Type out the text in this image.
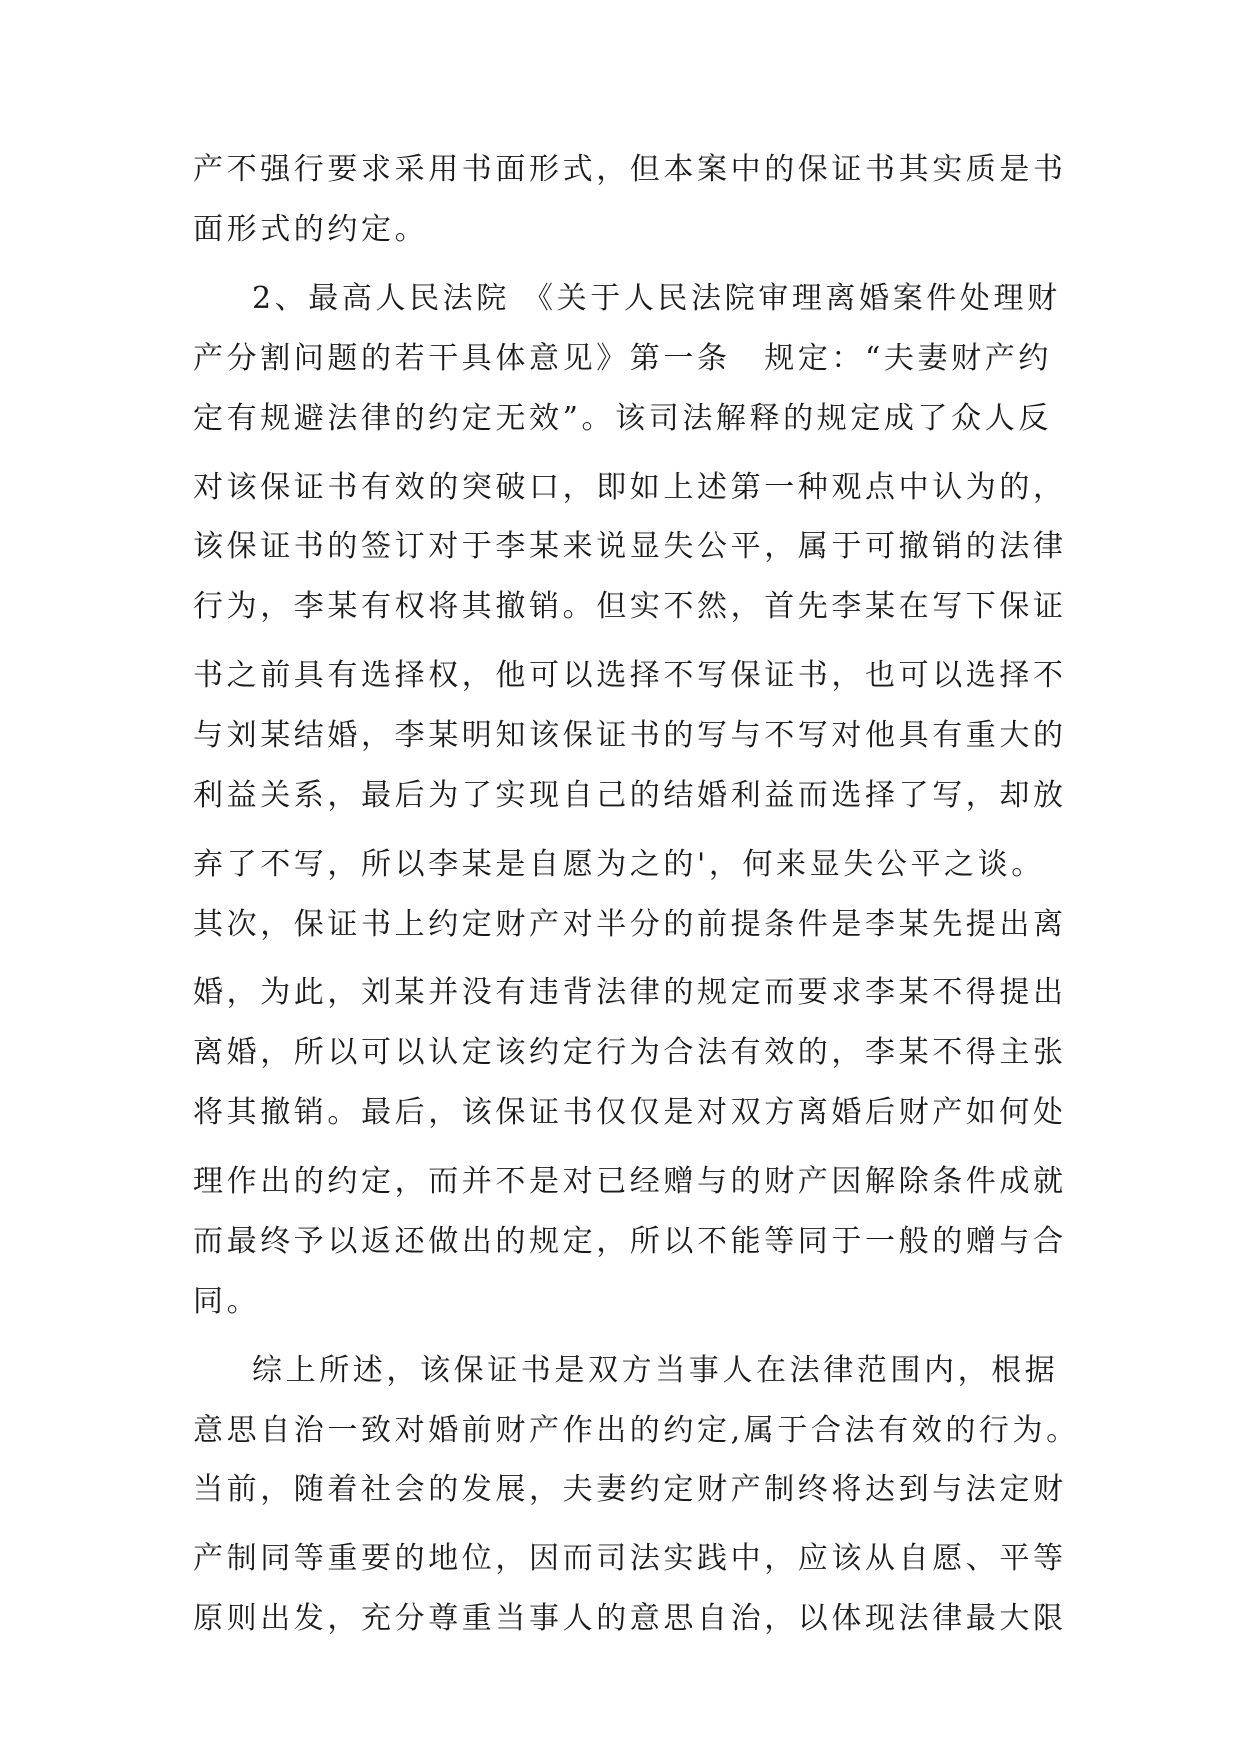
产不强行要求采用书面形式，但本案中的保证书其实质是书
面形式的约定。
2、最高人民法院 《关于人民法院审理离婚案件处理财
产分割问题的若干具体意见》第一条　规定：“夫妻财产约
定有规避法律的约定无效”。该司法解释的规定成了众人反
对该保证书有效的突破口，即如上述第一种观点中认为的，
该保证书的签订对于李某来说显失公平，属于可撤销的法律
行为，李某有权将其撤销。但实不然，首先李某在写下保证
书之前具有选择权，他可以选择不写保证书，也可以选择不
与刘某结婚，李某明知该保证书的写与不写对他具有重大的
利益关系，最后为了实现自己的结婚利益而选择了写，却放
弃了不写，所以李某是自愿为之的'，何来显失公平之谈。
其次，保证书上约定财产对半分的前提条件是李某先提出离
婚，为此，刘某并没有违背法律的规定而要求李某不得提出
离婚，所以可以认定该约定行为合法有效的，李某不得主张
将其撤销。最后，该保证书仅仅是对双方离婚后财产如何处
理作出的约定，而并不是对已经赠与的财产因解除条件成就
而最终予以返还做出的规定，所以不能等同于一般的赠与合
同。
综上所述，该保证书是双方当事人在法律范围内，根据
意思自治一致对婚前财产作出的约定,属于合法有效的行为。
当前，随着社会的发展，夫妻约定财产制终将达到与法定财
产制同等重要的地位，因而司法实践中，应该从自愿、平等
原则出发，充分尊重当事人的意思自治，以体现法律最大限
